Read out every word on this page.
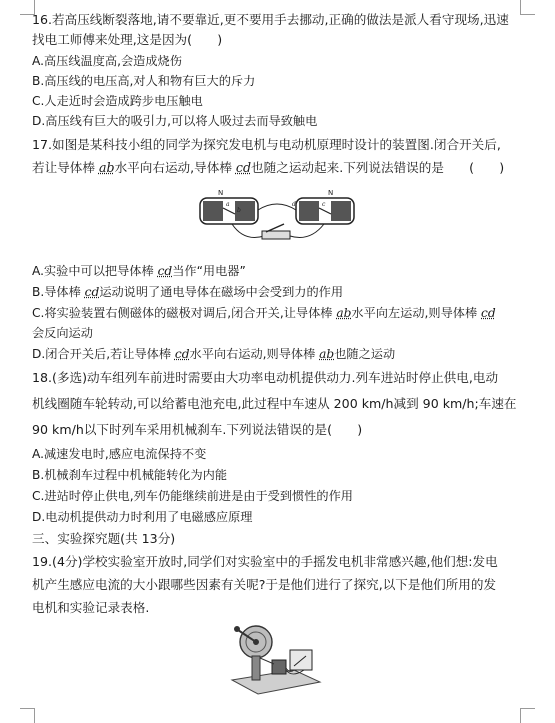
16.若高压线断裂落地,请不要靠近,更不要用手去挪动,正确的做法是派人看守现场,迅速
找电工师傅来处理,这是因为(　　)
A.高压线温度高,会造成烧伤
B.高压线的电压高,对人和物有巨大的斥力
C.人走近时会造成跨步电压触电
D.高压线有巨大的吸引力,可以将人吸过去而导致触电
17.如图是某科技小组的同学为探究发电机与电动机原理时设计的装置图.闭合开关后,
若让导体棒 ab水平向右运动,导体棒 cd也随之运动起来.下列说法错误的是　　(　　)
N	N
a
b
c
d
A.实验中可以把导体棒 cd当作“用电器”
B.导体棒 cd运动说明了通电导体在磁场中会受到力的作用
C.将实验装置右侧磁体的磁极对调后,闭合开关,让导体棒 ab水平向左运动,则导体棒 cd
会反向运动
D.闭合开关后,若让导体棒 cd水平向右运动,则导体棒 ab也随之运动
18.(多选)动车组列车前进时需要由大功率电动机提供动力.列车进站时停止供电,电动
机线圈随车轮转动,可以给蓄电池充电,此过程中车速从 200 km/h减到 90 km/h;车速在
90 km/h以下时列车采用机械刹车.下列说法错误的是(　　)
A.减速发电时,感应电流保持不变
B.机械刹车过程中机械能转化为内能
C.进站时停止供电,列车仍能继续前进是由于受到惯性的作用
D.电动机提供动力时利用了电磁感应原理
三、实验探究题(共 13分)
19.(4分)学校实验室开放时,同学们对实验室中的手摇发电机非常感兴趣,他们想:发电
机产生感应电流的大小跟哪些因素有关呢?于是他们进行了探究,以下是他们所用的发
电机和实验记录表格.
